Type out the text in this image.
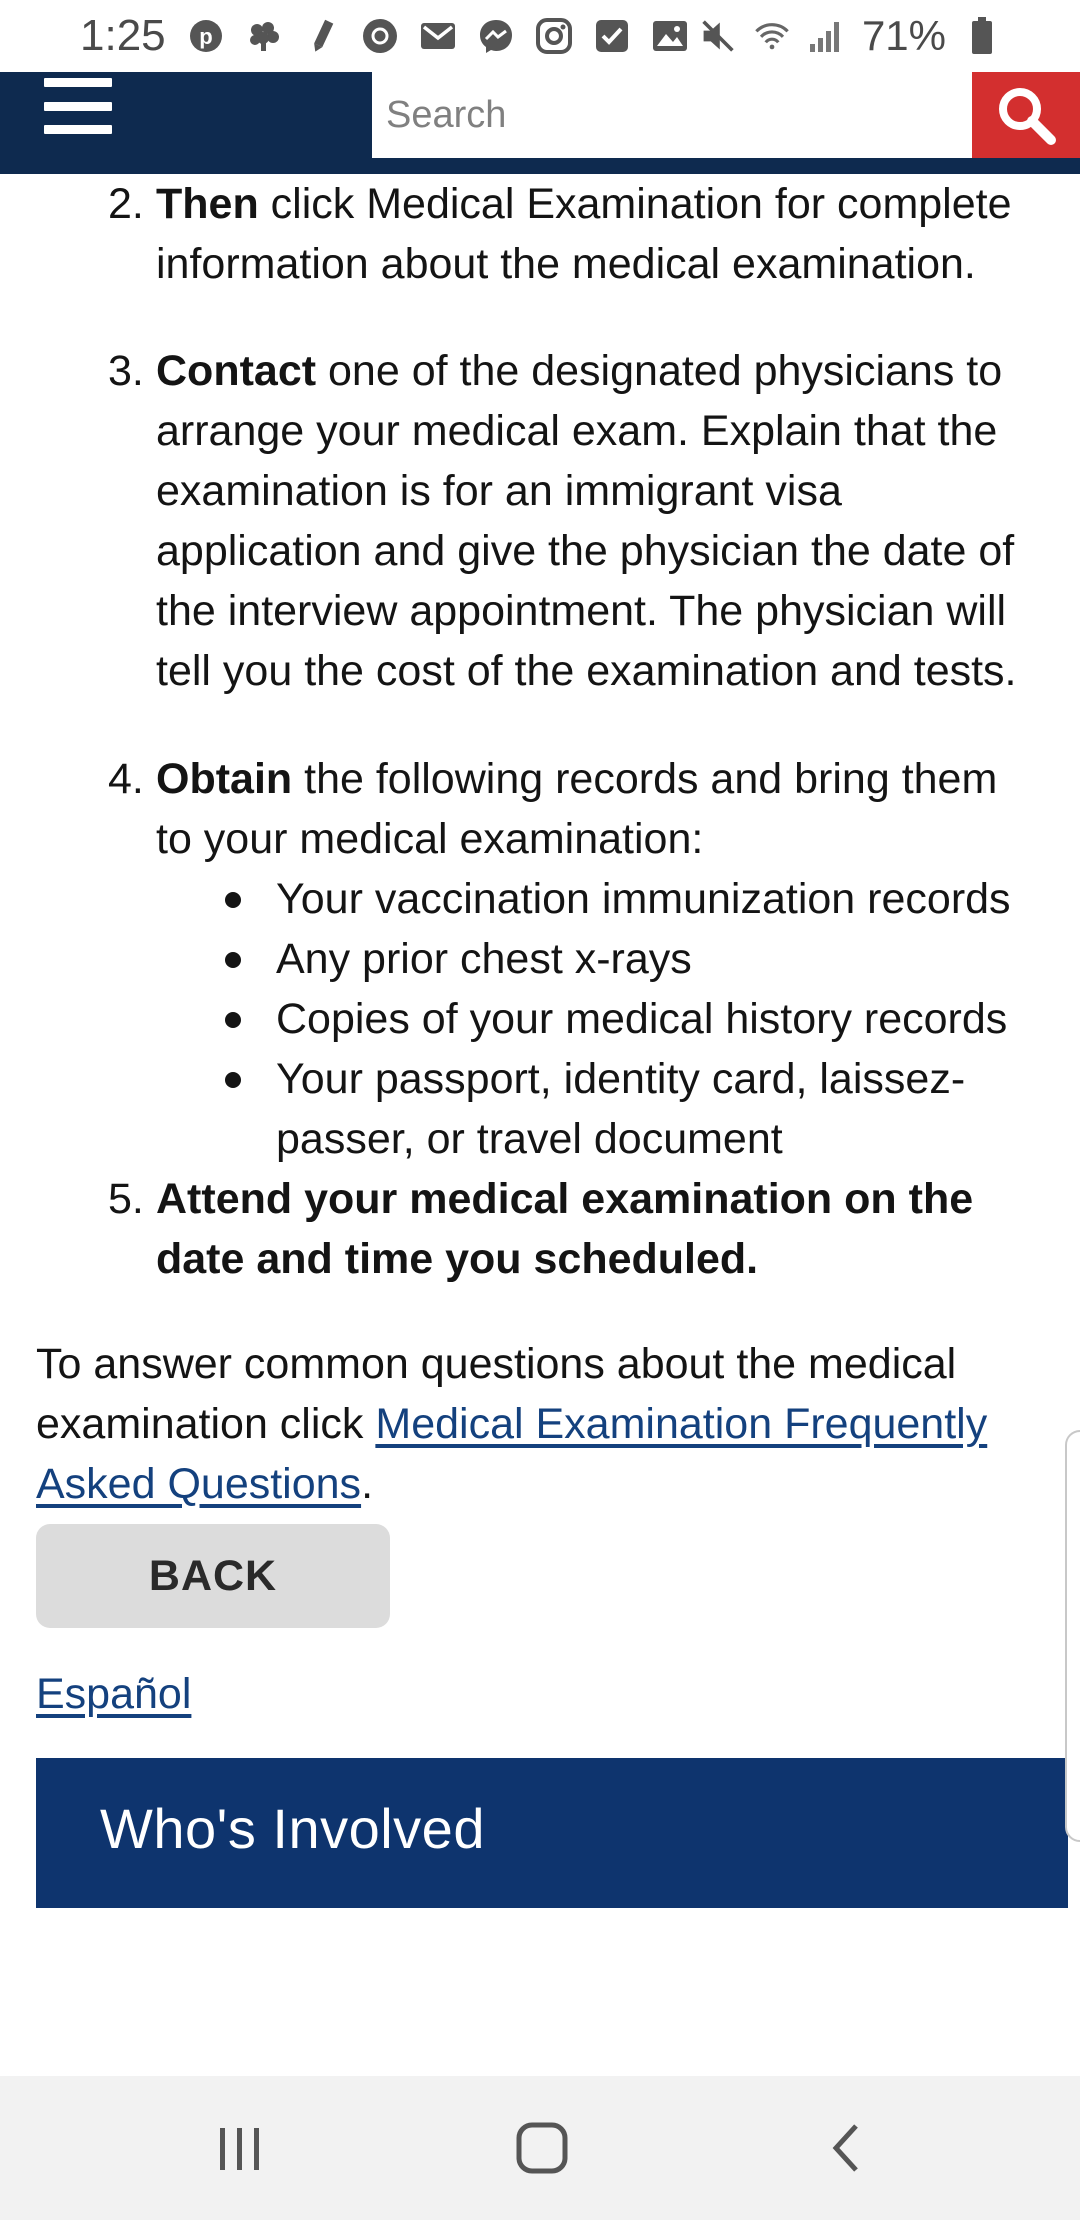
1:25 p	71%
Search
2. Then click Medical Examination for complete information about the medical examination.
3. Contact one of the designated physicians to arrange your medical exam. Explain that the examination is for an immigrant visa application and give the physician the date of the interview appointment. The physician will tell you the cost of the examination and tests.
4. Obtain the following records and bring them to your medical examination:
Your vaccination immunization records
Any prior chest x-rays
Copies of your medical history records
Your passport, identity card, laissez-passer, or travel document
5. Attend your medical examination on the date and time you scheduled.

To answer common questions about the medical examination click Medical Examination Frequently Asked Questions.

BACK
Español
Who's Involved
